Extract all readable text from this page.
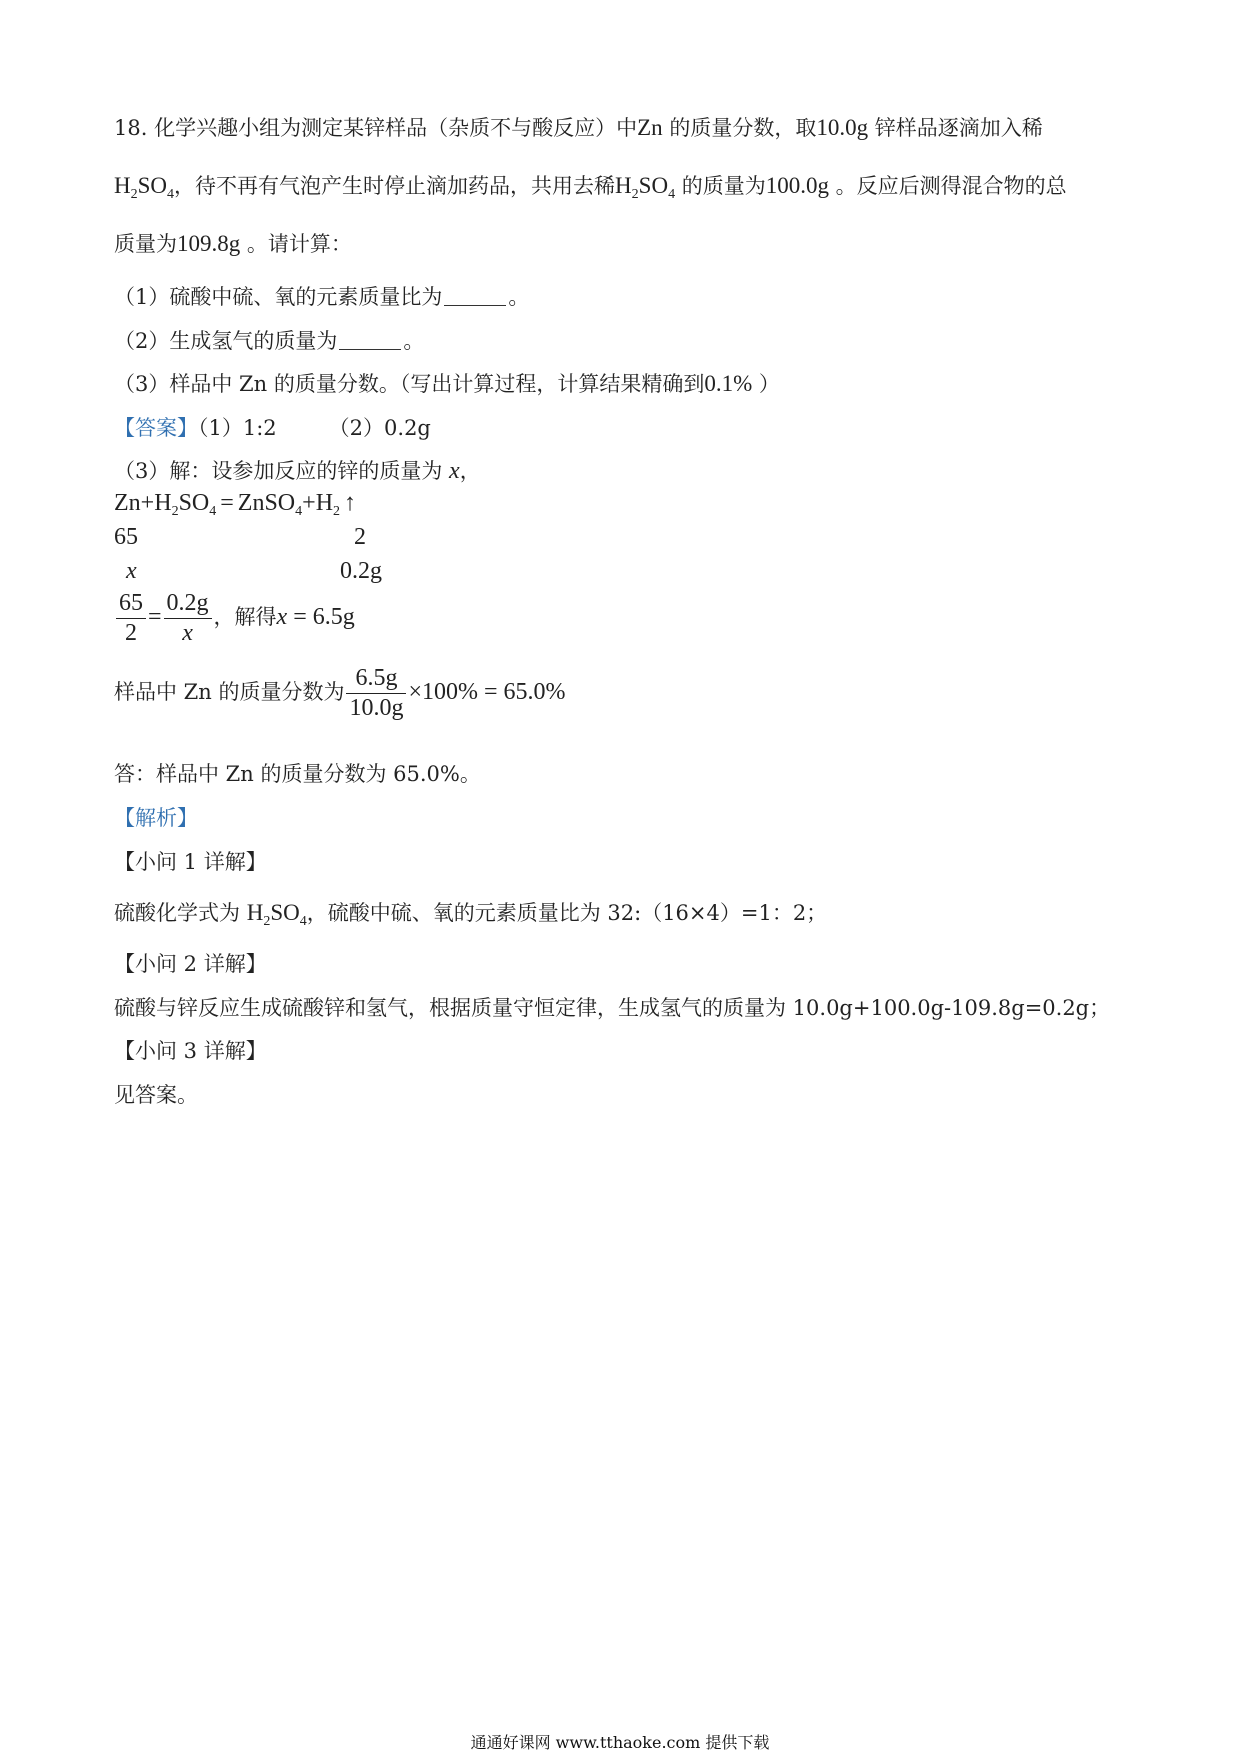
18. 化学兴趣小组为测定某锌样品（杂质不与酸反应）中Zn 的质量分数，取10.0g 锌样品逐滴加入稀
$H_2SO_4$，待不再有气泡产生时停止滴加药品，共用去稀$H_2SO_4$ 的质量为100.0g 。反应后测得混合物的总
质量为109.8g 。请计算：
（1）硫酸中硫、氧的元素质量比为	。
（2）生成氢气的质量为	。
（3）样品中 Zn 的质量分数。（写出计算过程，计算结果精确到0.1% ）
【答案】（1）1:2 （2）0.2g
（3）解：设参加反应的锌的质量为 x，
$Zn+H_2SO_4$ = $ZnSO_4+H_2$ ↑
65	2
x	0.2g
$\frac{65}{2} = \frac{0.2g}{x}$ ，解得x = 6.5g
样品中 Zn 的质量分数为 $\frac{6.5g}{10.0g} \times 100\% = 65.0\%$
答：样品中 Zn 的质量分数为 65.0%。
【解析】
【小问 1 详解】
硫酸化学式为 $H_2SO_4$，硫酸中硫、氧的元素质量比为 32:（16×4）=1：2；
【小问 2 详解】
硫酸与锌反应生成硫酸锌和氢气，根据质量守恒定律，生成氢气的质量为 10.0g+100.0g-109.8g=0.2g；
【小问 3 详解】
见答案。
通通好课网 www.tthaoke.com 提供下载
